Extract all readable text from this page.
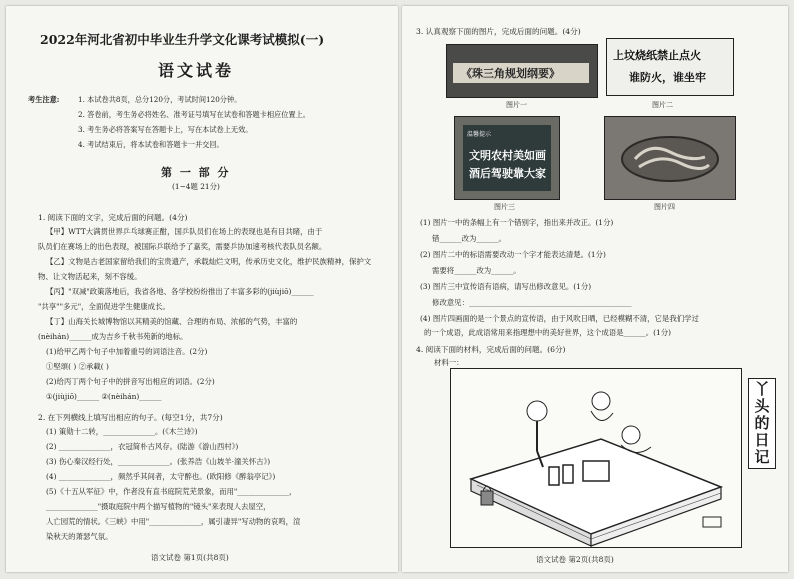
2022年河北省初中毕业生升学文化课考试模拟(一)
语文试卷
考生注意:	1. 本试卷共8页，总分120分，考试时间120分钟。
2. 答卷前，考生务必将姓名、准考证号填写在试卷和答题卡相应位置上。
3. 考生务必将答案写在答题卡上，写在本试卷上无效。
4. 考试结束后，将本试卷和答题卡一并交回。
第 一 部 分
(1~4题 21分)
1. 阅读下面的文字，完成后面的问题。(4分)
【甲】WTT大满贯世界乒乓球赛正酣，国乒队员们在场上的表现也是有目共睹，由于
队员们在赛场上的出色表现，被国际乒联给予了嘉奖，需要乒协加速考核代表队员名额。
【乙】文物是古老国家留给我们的宝贵遗产，承载灿烂文明，传承历史文化，维护民族精神，保护文
物、让文物活起来，刻不容缓。
【丙】"双减"政策落地后，我省各地、各学校纷纷推出了丰富多彩的(jiùjiō)______
"共享""多元"，全面促进学生健康成长。
【丁】山海关长城博物馆以其精美的馆藏、合理的布局、浓郁的气势，丰富的
(nèihán)______成为吉乡千秋书苑新的地标。
(1)给甲乙两个句子中加着重号的词语注音。(2分)
①堅頌( ) ②承載( )
(2)给丙丁两个句子中的拼音写出相应的词语。(2分)
①(jiùjiō)______ ②(nèihán)______
2. 在下列横线上填写出相应的句子。(每空1分，共7分)
(1) 策勋十二转，______________。(《木兰诗》)
(2) ______________，衣冠简朴古风存。(陆游《游山西村》)
(3) 伤心秦汉经行处，______________。(张养浩《山坡羊·潼关怀古》)
(4) ______________，频然乎其间者，太守醉也。(欧阳修《醉翁亭记》)
(5)《十五从军征》中，作者没有直书庭院荒芜景象，而用"______________，
______________"摄取庭院中两个描写植物的"镜头"来表现人去屋空，
人亡园荒的情状。《三峡》中用"______________，属引凄异"写动物的哀鸣，渲
染秋天的萧瑟气氛。
语文试卷 第1页(共8页)
3. 认真观察下面的图片，完成后面的问题。(4分)
《珠三角规划纲要》
图片一
上坟烧纸禁止点火
谁防火，谁坐牢
图片二
温馨提示
文明农村美如画
酒后驾驶靠大家
图片三	图片四
(1) 图片一中的条幅上有一个错别字，指出来并改正。(1分)
错______改为______。
(2) 图片二中的标语需要改动一个字才能表达清楚。(1分)
需要将______改为______。
(3) 图片三中宣传语有语病，请写出修改意见。(1分)
修改意见：____________________________________________
(4) 图片四画面的是一个景点的宣传语，由于风吹日晒，已经模糊不清，它是我们学过
的一个成语，此成语常用来指理想中的美好世界，这个成语是______。(1分)
4. 阅读下面的材料，完成后面的问题。(6分)
材料一：
丫
头
的
日
记
语文试卷 第2页(共8页)
